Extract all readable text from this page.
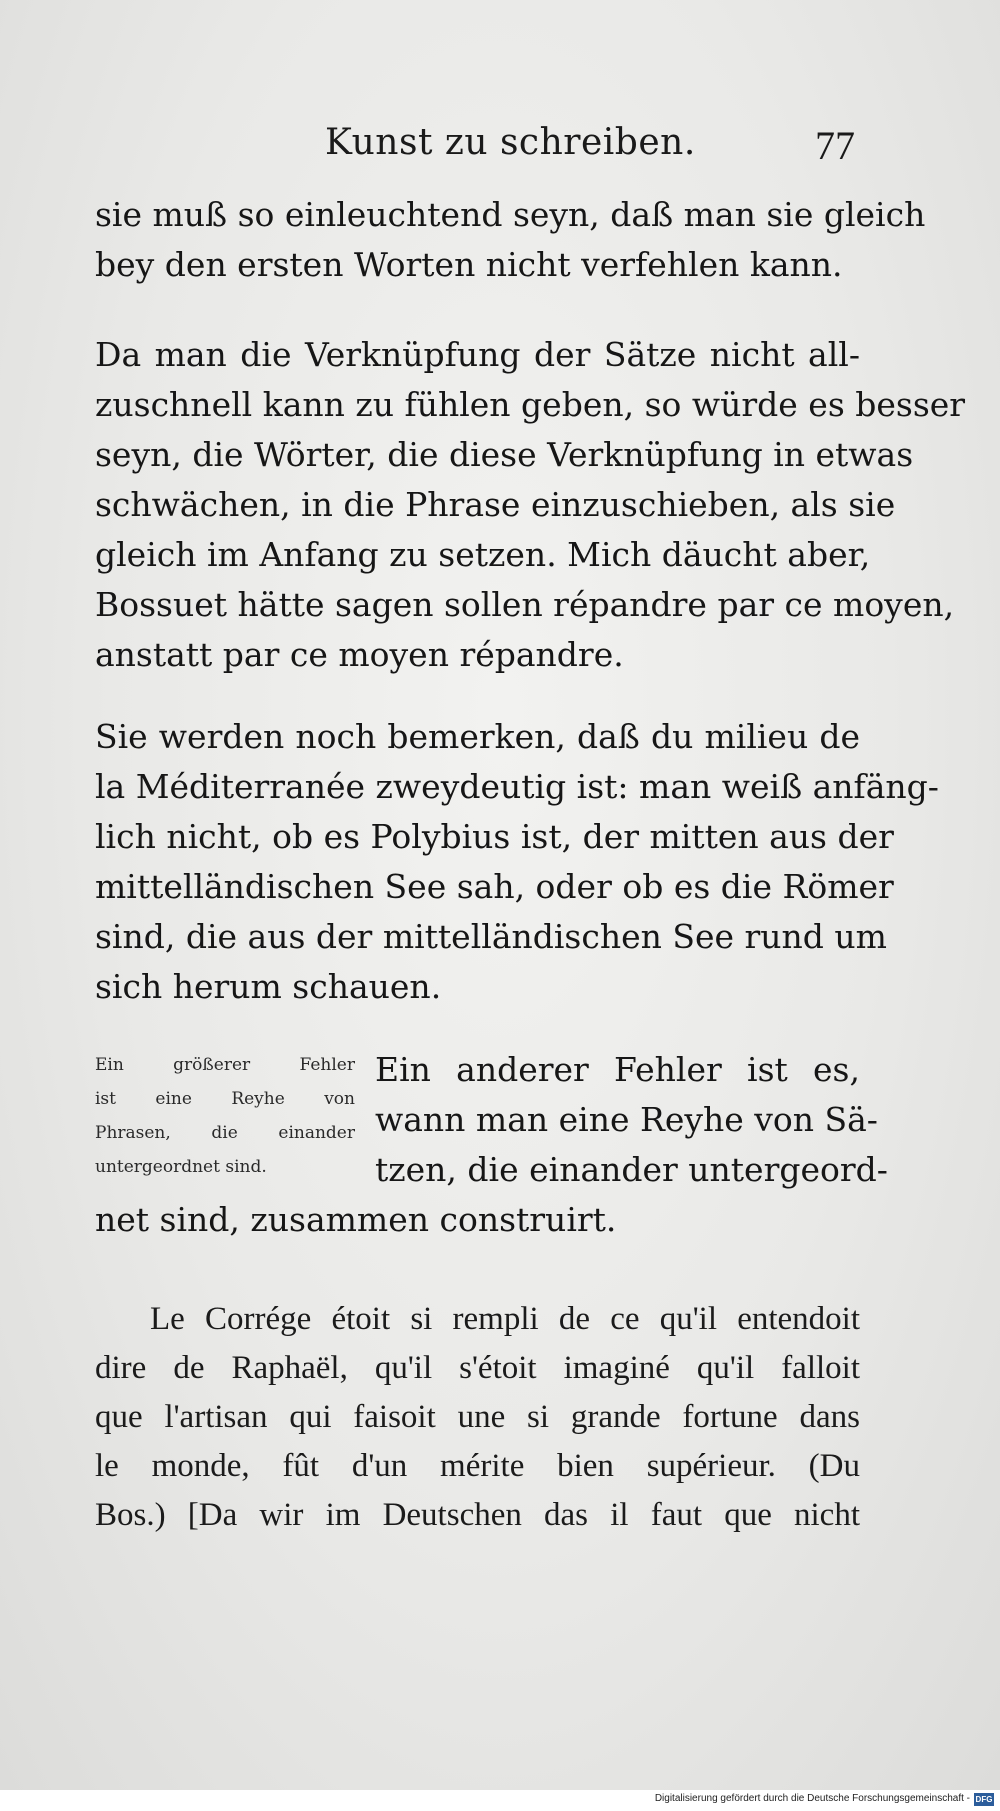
Kunst zu schreiben.	77
sie muß so einleuchtend seyn, daß man sie gleich
bey den ersten Worten nicht verfehlen kann.
Da man die Verknüpfung der Sätze nicht all-
zuschnell kann zu fühlen geben, so würde es besser
seyn, die Wörter, die diese Verknüpfung in etwas
schwächen, in die Phrase einzuschieben, als sie
gleich im Anfang zu setzen. Mich däucht aber,
Bossuet hätte sagen sollen répandre par ce moyen,
anstatt par ce moyen répandre.
Sie werden noch bemerken, daß du milieu de
la Méditerranée zweydeutig ist: man weiß anfäng-
lich nicht, ob es Polybius ist, der mitten aus der
mittelländischen See sah, oder ob es die Römer
sind, die aus der mittelländischen See rund um
sich herum schauen.
Ein größerer Fehler
ist eine Reyhe von
Phrasen, die einander
untergeordnet sind.
Ein anderer Fehler ist es,
wann man eine Reyhe von Sä-
tzen, die einander untergeord-
net sind, zusammen construirt.
Le Corrége étoit si rempli de ce qu'il entendoit
dire de Raphaël, qu'il s'étoit imaginé qu'il falloit
que l'artisan qui faisoit une si grande fortune dans
le monde, fût d'un mérite bien supérieur. (Du
Bos.) [Da wir im Deutschen das il faut que nicht
Digitalisierung gefördert durch die Deutsche Forschungsgemeinschaft - DFG
